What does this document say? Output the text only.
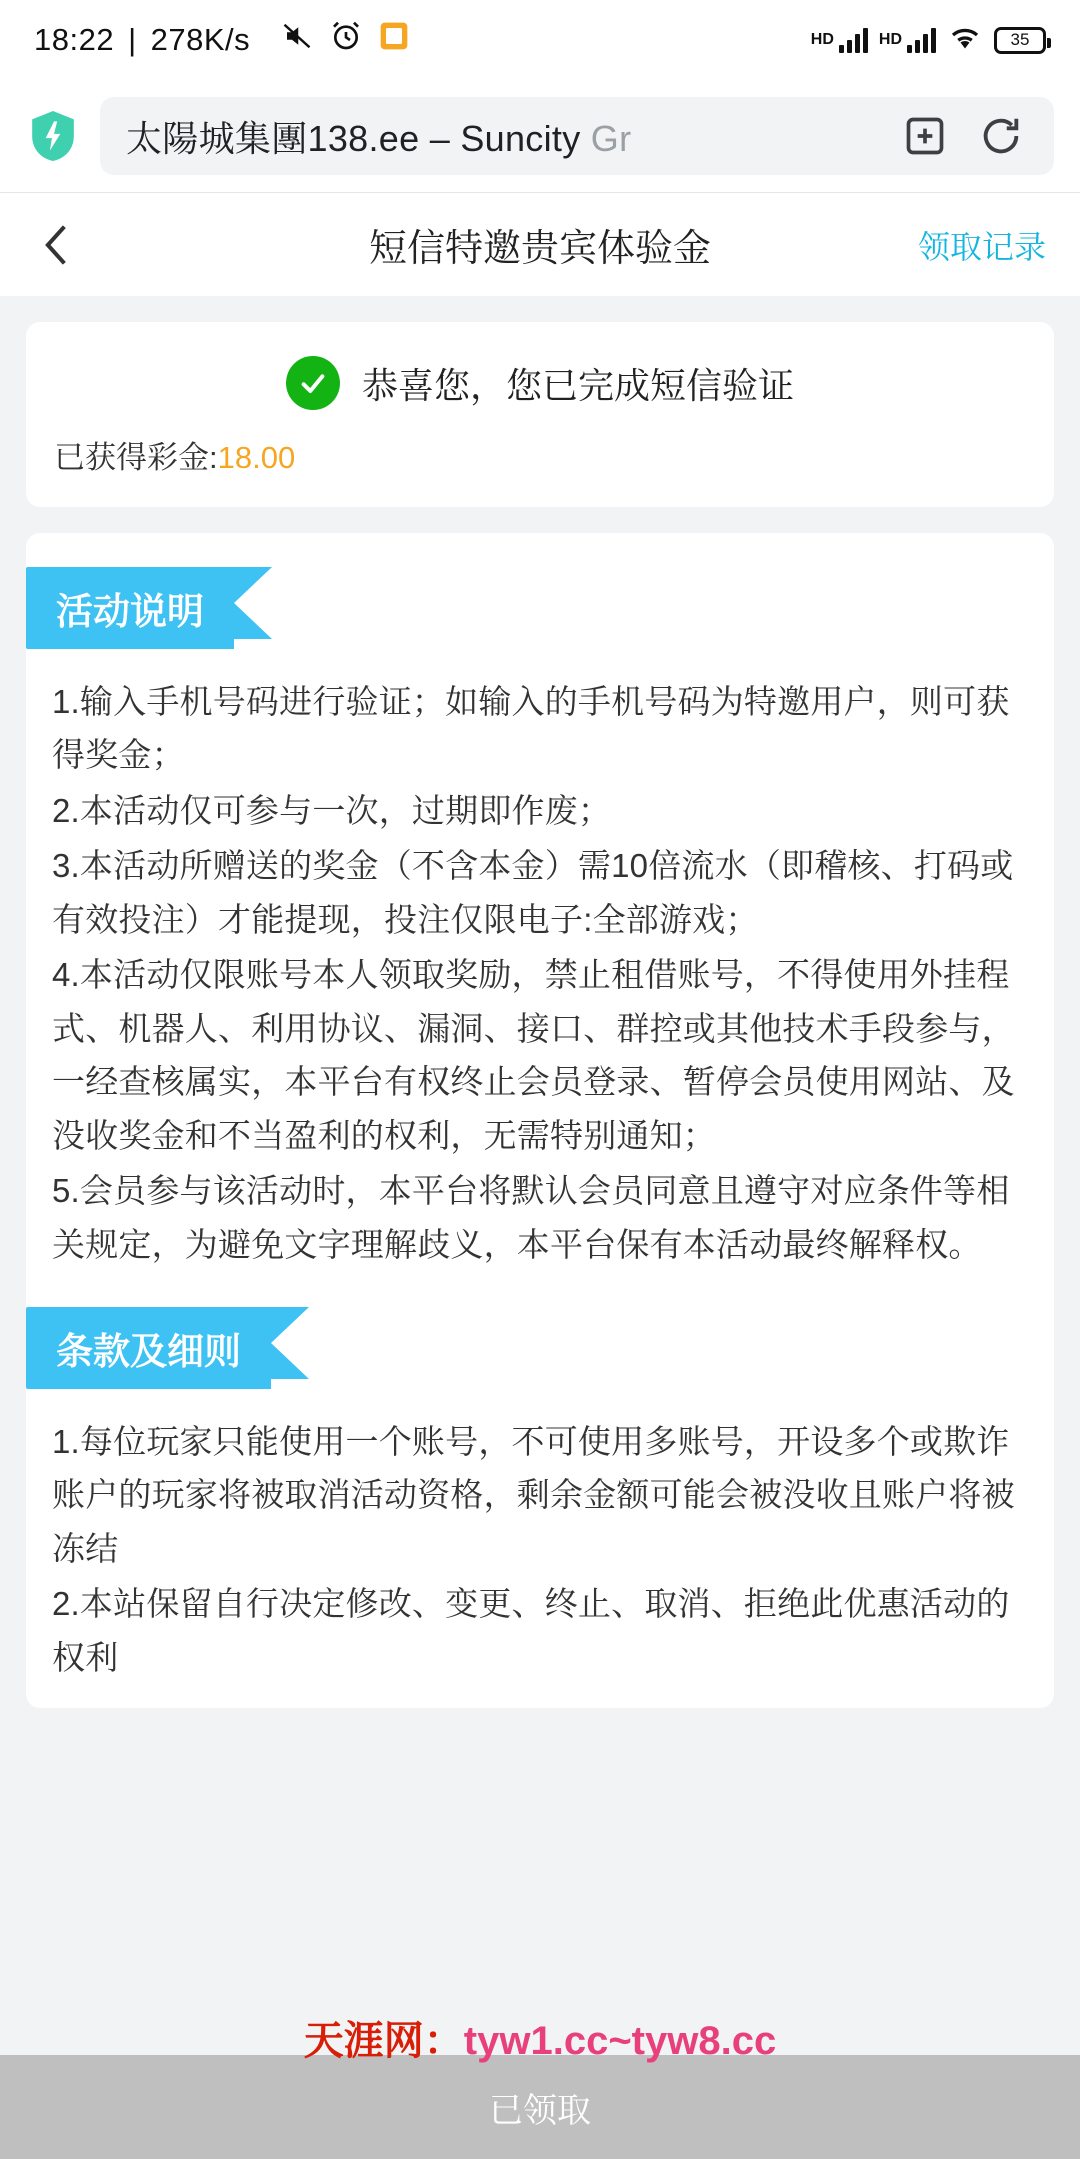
18:22 | 278K/s	HD	HD	35
太陽城集團138.ee – Suncity Gr
短信特邀贵宾体验金	领取记录
恭喜您，您已完成短信验证
已获得彩金:18.00
活动说明

1.输入手机号码进行验证；如输入的手机号码为特邀用户，则可获得奖金；

2.本活动仅可参与一次，过期即作废；

3.本活动所赠送的奖金（不含本金）需10倍流水（即稽核、打码或有效投注）才能提现，投注仅限电子:全部游戏；

4.本活动仅限账号本人领取奖励，禁止租借账号，不得使用外挂程式、机器人、利用协议、漏洞、接口、群控或其他技术手段参与，一经查核属实，本平台有权终止会员登录、暂停会员使用网站、及没收奖金和不当盈利的权利，无需特别通知；

5.会员参与该活动时，本平台将默认会员同意且遵守对应条件等相关规定，为避免文字理解歧义，本平台保有本活动最终解释权。

条款及细则

1.每位玩家只能使用一个账号，不可使用多账号，开设多个或欺诈账户的玩家将被取消活动资格，剩余金额可能会被没收且账户将被冻结

2.本站保留自行决定修改、变更、终止、取消、拒绝此优惠活动的权利

天涯网：tyw1.cc~tyw8.cc
已领取
